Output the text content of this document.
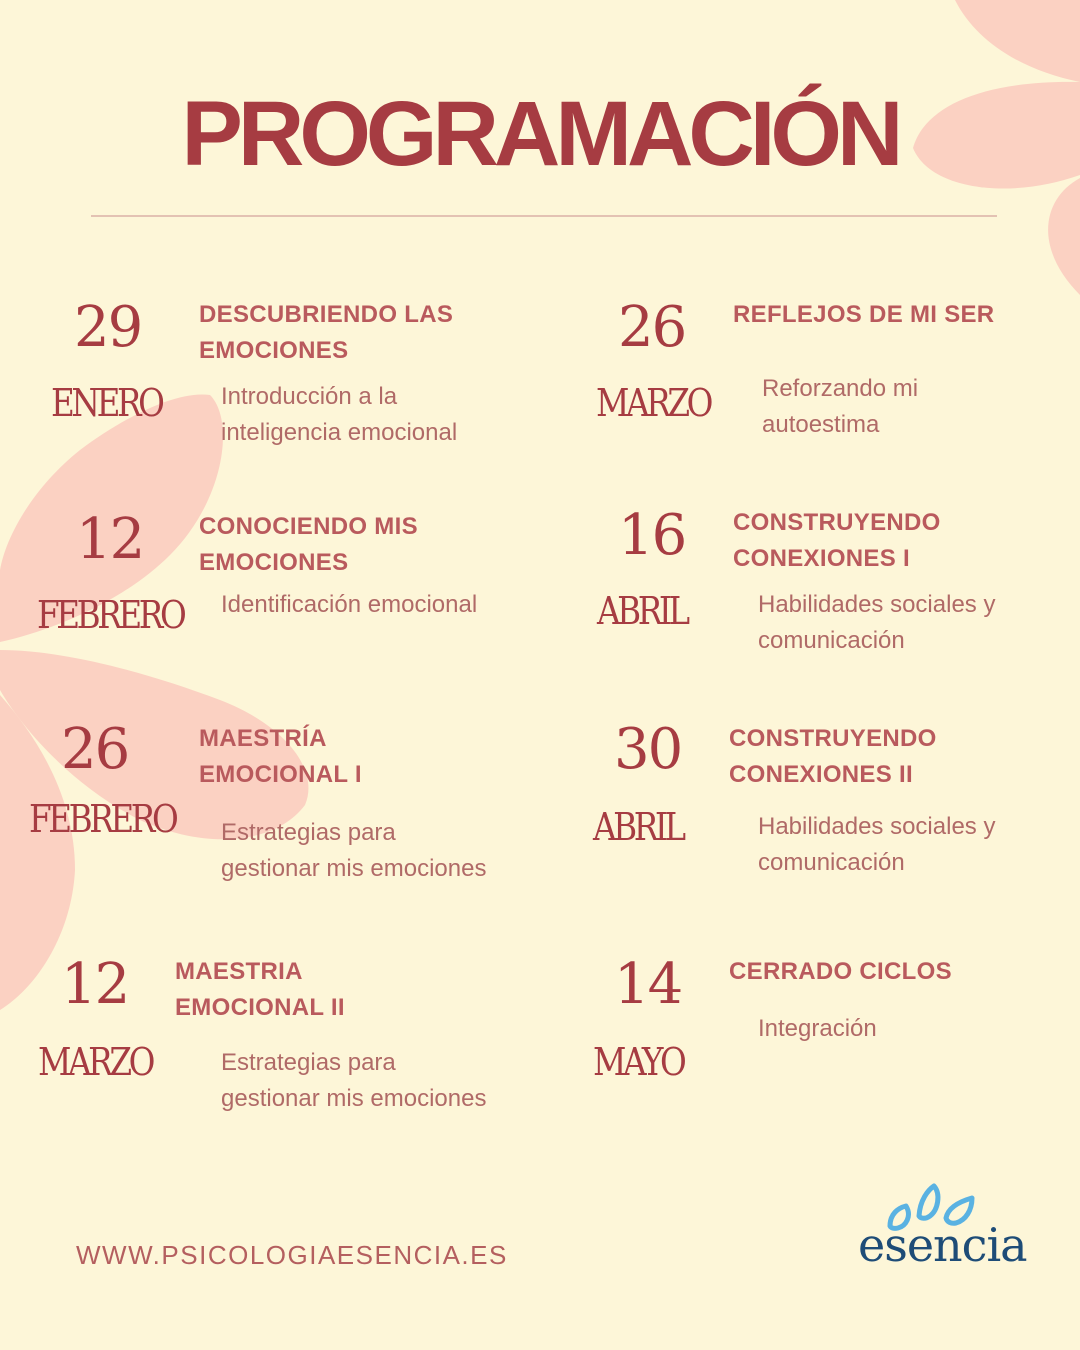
PROGRAMACIÓN
29
ENERO
DESCUBRIENDO LAS
EMOCIONES
Introducción a la
inteligencia emocional
26
MARZO
REFLEJOS DE MI SER
Reforzando mi
autoestima
12
FEBRERO
CONOCIENDO MIS
EMOCIONES
Identificación emocional
16
ABRIL
CONSTRUYENDO
CONEXIONES I
Habilidades sociales y
comunicación
26
FEBRERO
MAESTRÍA
EMOCIONAL I
Estrategias para
gestionar mis emociones
30
ABRIL
CONSTRUYENDO
CONEXIONES II
Habilidades sociales y
comunicación
12
MARZO
MAESTRIA
EMOCIONAL II
Estrategias para
gestionar mis emociones
14
MAYO
CERRADO CICLOS
Integración
WWW.PSICOLOGIAESENCIA.ES	esencia
